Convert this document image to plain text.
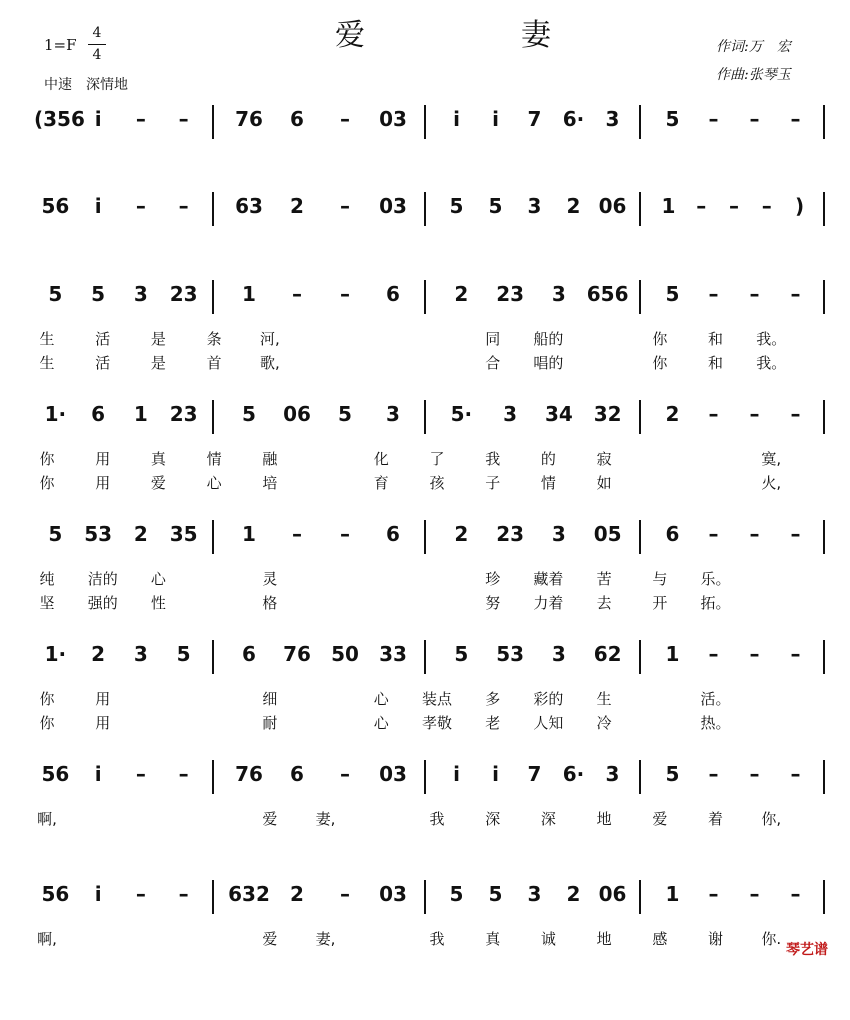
爱　　妻
1=F
4
4
中速　深情地
作词:万　宏
作曲:张琴玉
(356 i	–	–	76	6	–	03	i	i	7	6·	3	5	–	–	–
56	i	–	–	63	2	–	03	5	5	3	2 06	1	–	–	–	)
5	5	3	23	1	–	–	6	2	23	3	656	5	–	–	–
生	活	是	条	河,	同	船的	你	和	我。
生	活	是	首	歌,	合	唱的	你	和	我。
1·	6	1	23	5	06	5	3	5·	3	34	32	2	–	–	–
你	用	真	情	融	化	了	我	的	寂	寞,
你	用	爱	心	培	育	孩	子	情	如	火,
5	53	2	35	1	–	–	6	2	23	3	05	6	–	–	–
纯	洁的	心	灵	珍	藏着	苦	与	乐。
坚	强的	性	格	努	力着	去	开	拓。
1·	2	3	5	6	76	50	33	5	53	3	62	1	–	–	–
你	用	细	心	装点	多	彩的	生	活。
你	用	耐	心	孝敬	老	人知	冷	热。
56	i	–	–	76	6	–	03	i	i	7	6·	3	5	–	–	–
啊,	爱	妻,	我	深	深	地	爱	着	你,
56	i	–	–	632	2	–	03	5	5	3	2 06	1	–	–	–
啊,	爱	妻,	我	真	诚	地	感	谢	你.
琴艺谱
